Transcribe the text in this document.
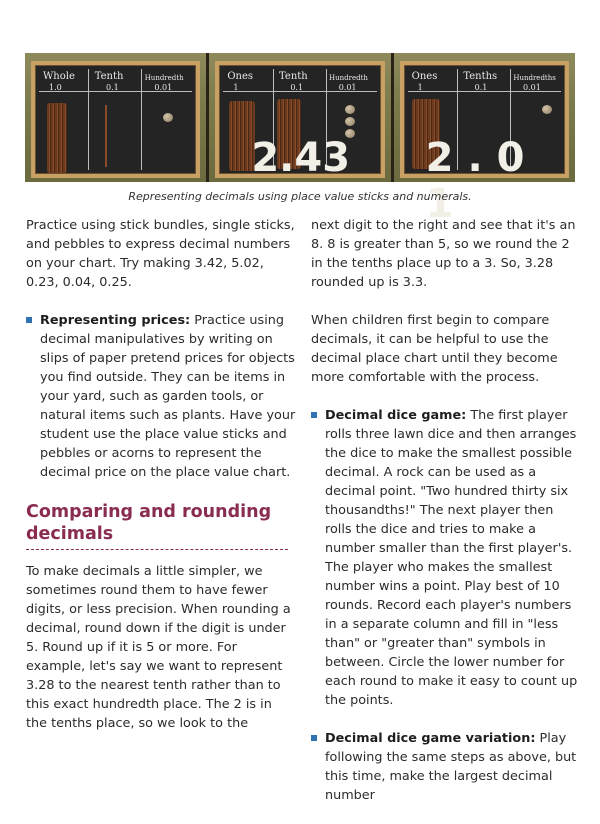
Whole Tenth	Hundredth
1.0	0.1	0.01
Ones	Tenth	Hundredth
1	0.1	0.01
2.43
Ones	Tenths Hundredths
1	0.1	0.01
2.0 1
Representing decimals using place value sticks and numerals.

Practice using stick bundles, single sticks, and pebbles to express decimal numbers on your chart. Try making 3.42, 5.02, 0.23, 0.04, 0.25.

Representing prices: Practice using decimal manipulatives by writing on slips of paper pretend prices for objects you find outside. They can be items in your yard, such as garden tools, or natural items such as plants. Have your student use the place value sticks and pebbles or acorns to represent the decimal price on the place value chart.
Comparing and rounding decimals

To make decimals a little simpler, we sometimes round them to have fewer digits, or less precision. When rounding a decimal, round down if the digit is under 5. Round up if it is 5 or more. For example, let's say we want to represent 3.28 to the nearest tenth rather than to this exact hundredth place. The 2 is in the tenths place, so we look to the

next digit to the right and see that it's an 8. 8 is greater than 5, so we round the 2 in the tenths place up to a 3. So, 3.28 rounded up is 3.3.

When children first begin to compare decimals, it can be helpful to use the decimal place chart until they become more comfortable with the process.

Decimal dice game: The first player rolls three lawn dice and then arranges the dice to make the smallest possible decimal. A rock can be used as a decimal point. "Two hundred thirty six thousandths!" The next player then rolls the dice and tries to make a number smaller than the first player's. The player who makes the smallest number wins a point. Play best of 10 rounds. Record each player's numbers in a separate column and fill in "less than" or "greater than" symbols in between. Circle the lower number for each round to make it easy to count up the points.
Decimal dice game variation: Play following the same steps as above, but this time, make the largest decimal number
